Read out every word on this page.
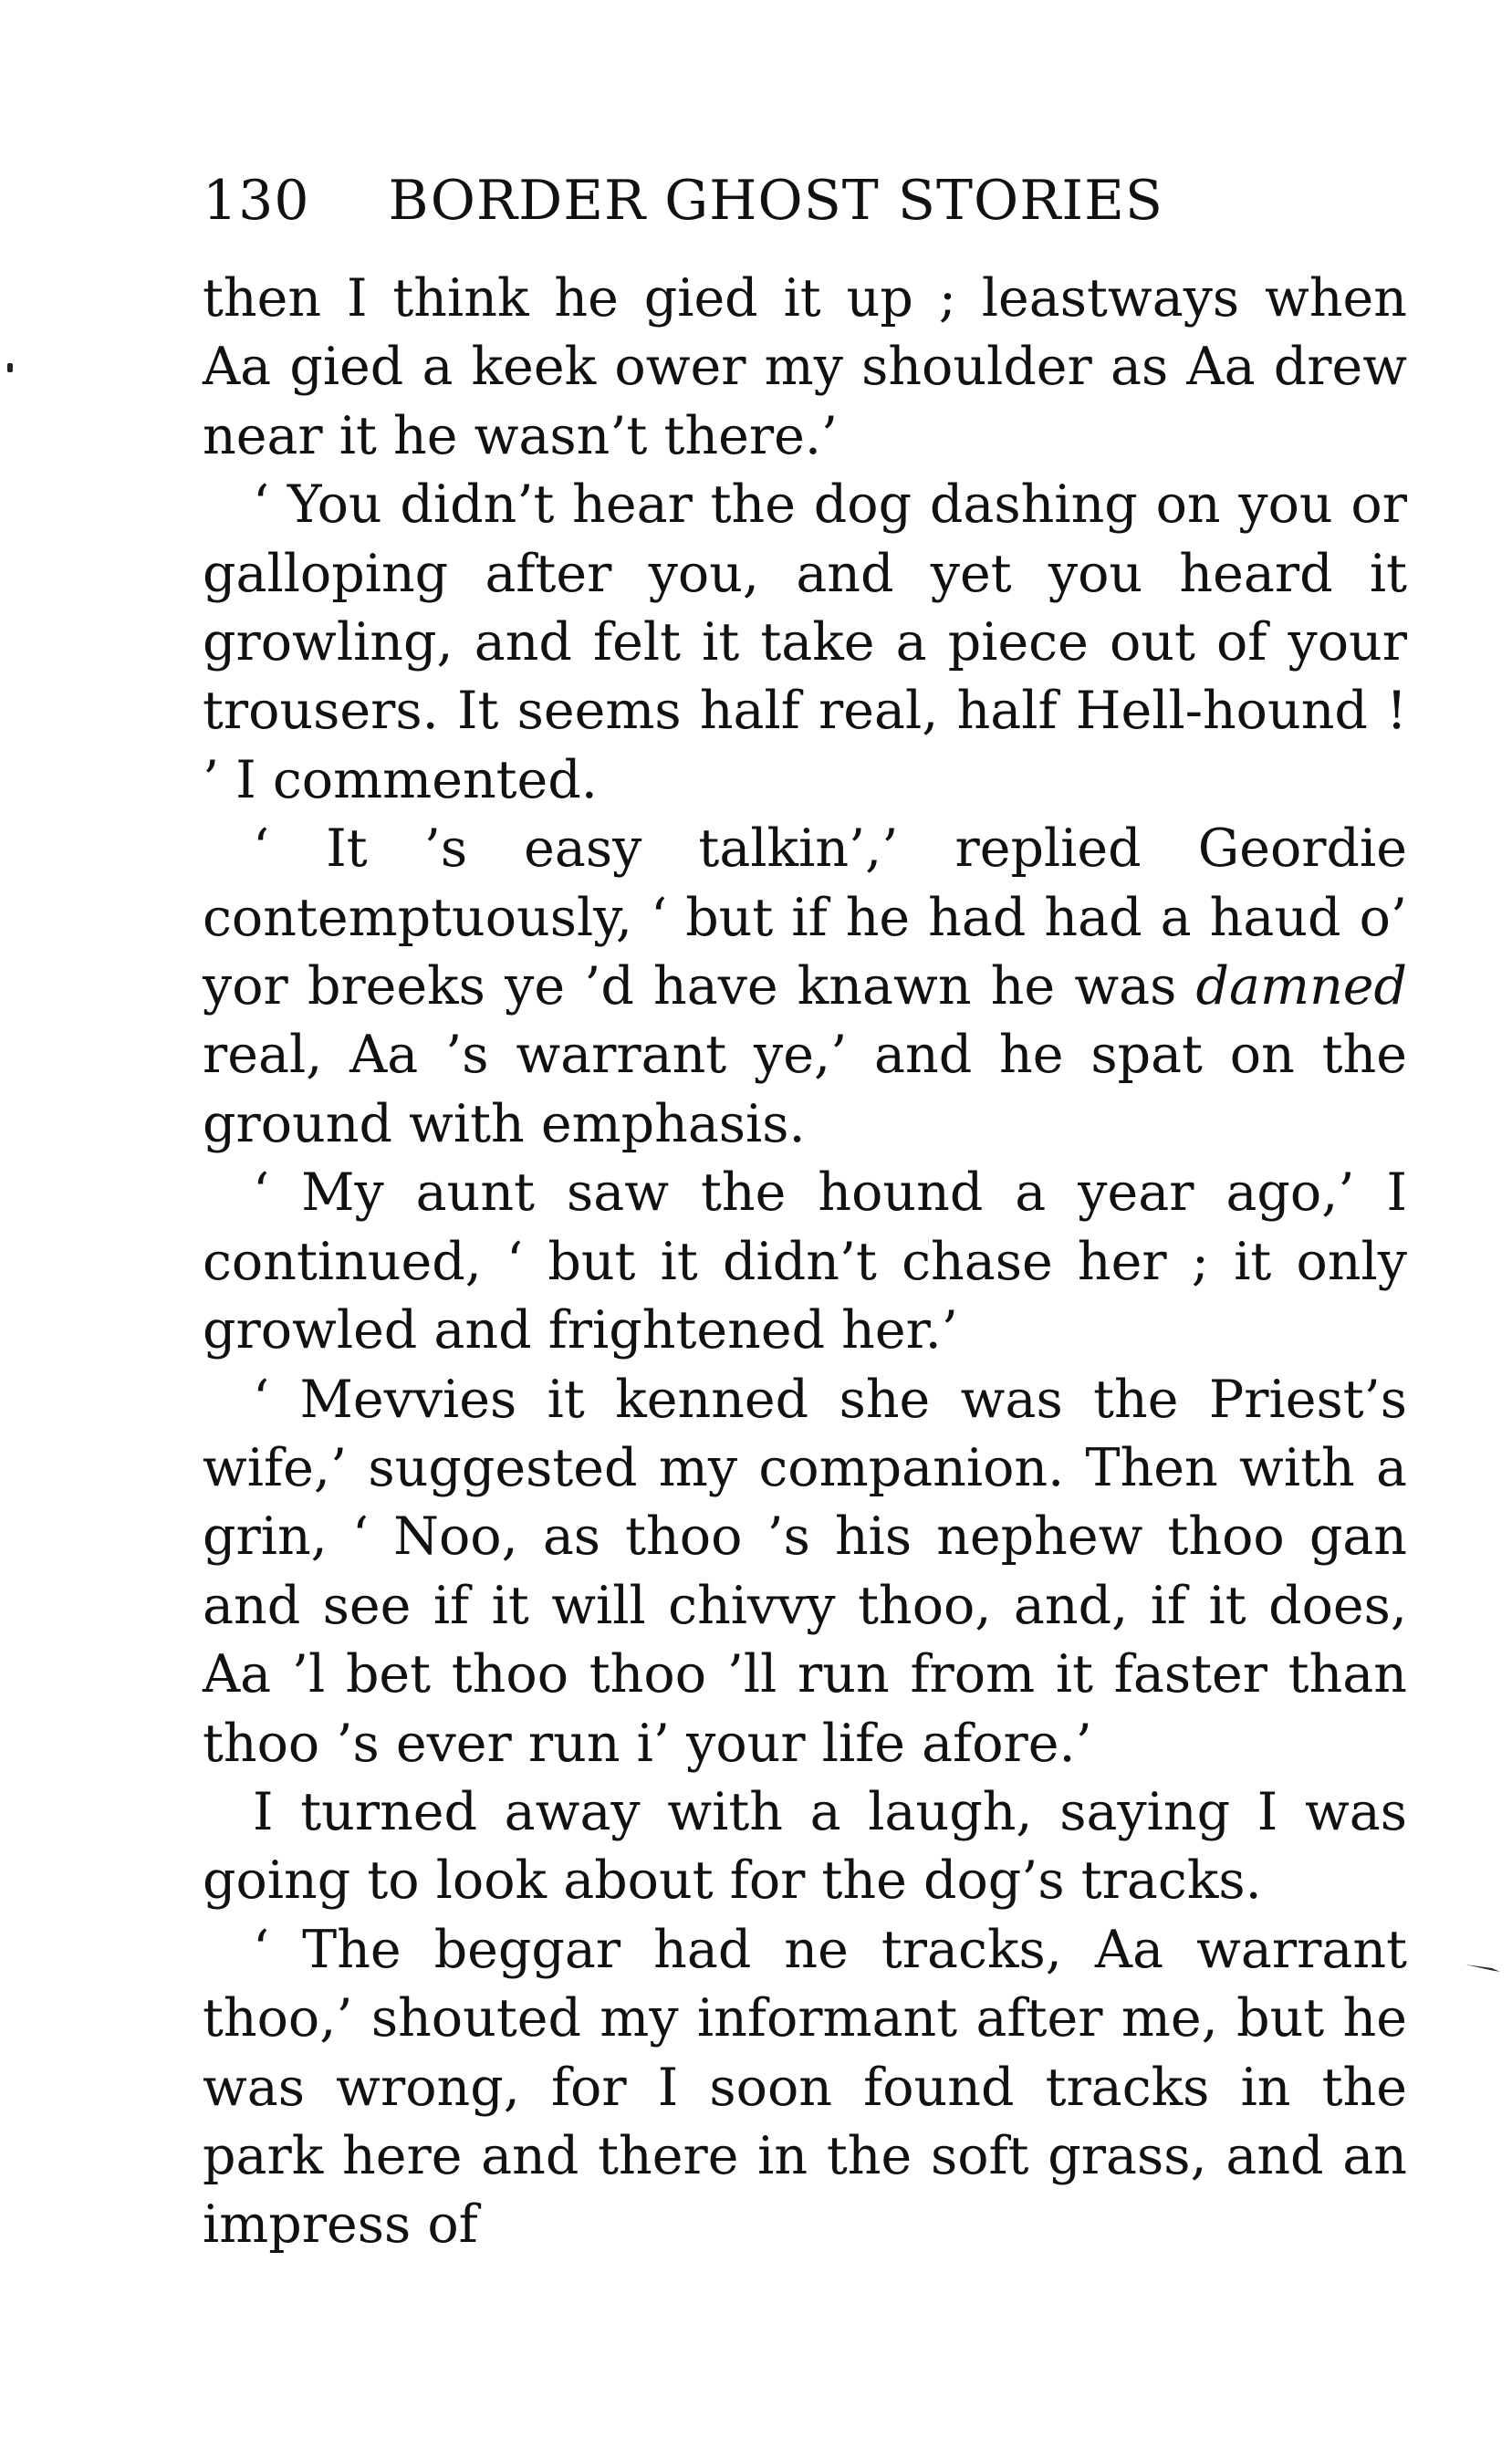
130 BORDER GHOST STORIES

then I think he gied it up ; leastways when Aa gied a keek ower my shoulder as Aa drew near it he wasn’t there.’

‘ You didn’t hear the dog dashing on you or galloping after you, and yet you heard it growling, and felt it take a piece out of your trousers. It seems half real, half Hell-hound ! ’ I commented.

‘ It ’s easy talkin’,’ replied Geordie contemptuously, ‘ but if he had had a haud o’ yor breeks ye ’d have knawn he was damned real, Aa ’s warrant ye,’ and he spat on the ground with emphasis.

‘ My aunt saw the hound a year ago,’ I continued, ‘ but it didn’t chase her ; it only growled and frightened her.’

‘ Mevvies it kenned she was the Priest’s wife,’ suggested my companion. Then with a grin, ‘ Noo, as thoo ’s his nephew thoo gan and see if it will chivvy thoo, and, if it does, Aa ’l bet thoo thoo ’ll run from it faster than thoo ’s ever run i’ your life afore.’

I turned away with a laugh, saying I was going to look about for the dog’s tracks.

‘ The beggar had ne tracks, Aa warrant thoo,’ shouted my informant after me, but he was wrong, for I soon found tracks in the park here and there in the soft grass, and an impress of
